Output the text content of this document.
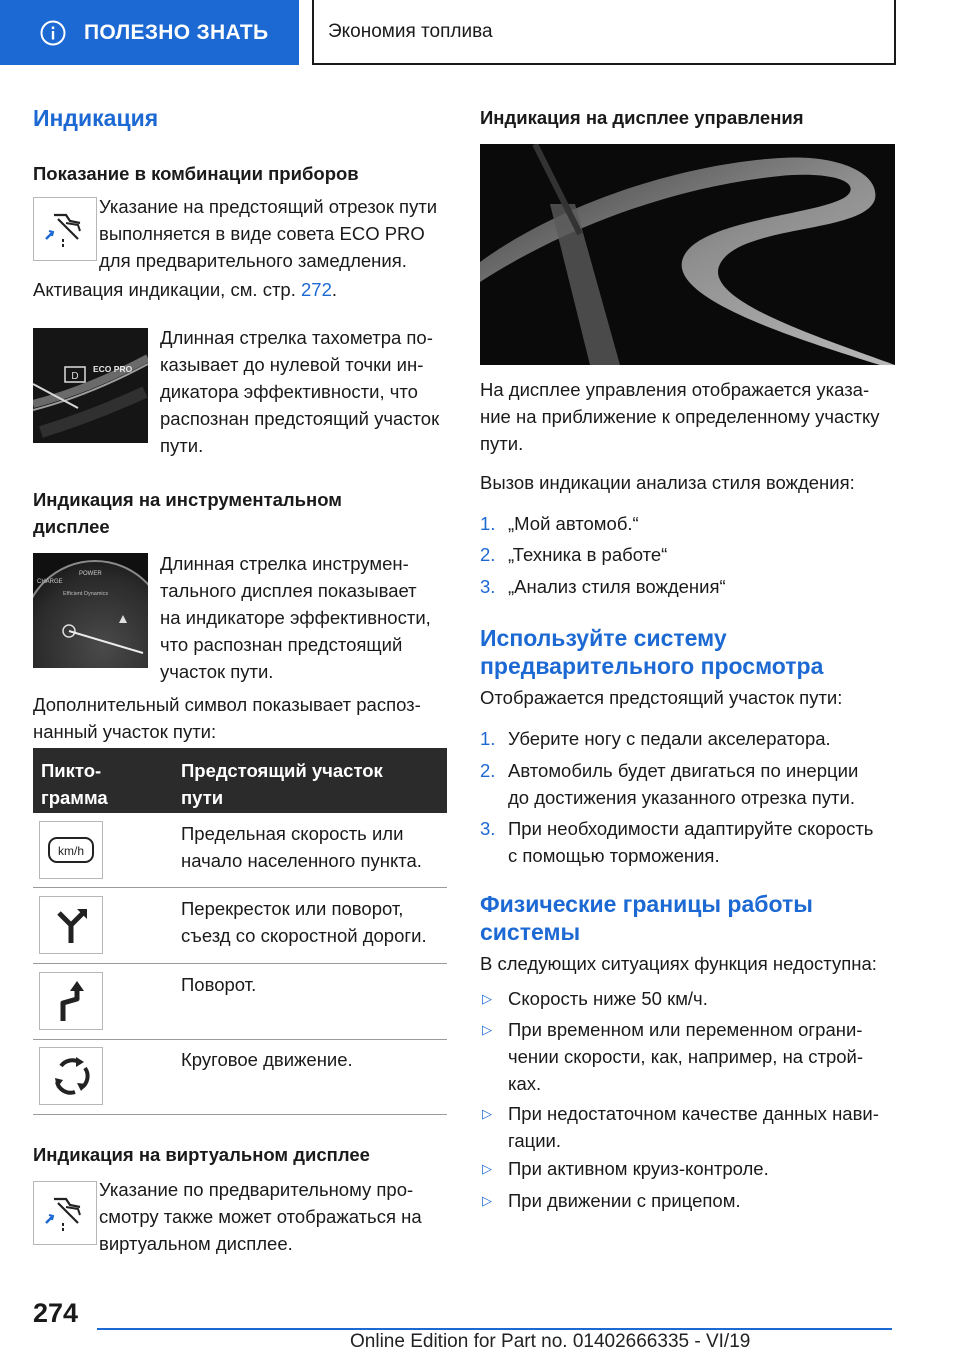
ПОЛЕЗНО ЗНАТЬ	Экономия топлива
Индикация
Показание в комбинации приборов
Указание на предстоящий отрезок пути
выполняется в виде совета ECO PRO
для предварительного замедления.
Активация индикации, см. стр. 272.
D
ECO PRO
Длинная стрелка тахометра по-
казывает до нулевой точки ин-
дикатора эффективности, что
распознан предстоящий участок
пути.
Индикация на инструментальном
дисплее
CHARGE
POWER
Efficient Dynamics
Длинная стрелка инструмен-
тального дисплея показывает
на индикаторе эффективности,
что распознан предстоящий
участок пути.
Дополнительный символ показывает распоз-
нанный участок пути:
Пикто-
грамма
Предстоящий участок
пути
km/h
Предельная скорость или
начало населенного пункта.
Перекресток или поворот,
съезд со скоростной дороги.
Поворот.
Круговое движение.
Индикация на виртуальном дисплее
Указание по предварительному про-
смотру также может отображаться на
виртуальном дисплее.
Индикация на дисплее управления
На дисплее управления отображается указа-
ние на приближение к определенному участку
пути.
Вызов индикации анализа стиля вождения:
1. „Мой автомоб.“
2. „Техника в работе“
3. „Анализ стиля вождения“
Используйте систему
предварительного просмотра
Отображается предстоящий участок пути:
1. Уберите ногу с педали акселератора.
2. Автомобиль будет двигаться по инерции
до достижения указанного отрезка пути.
3. При необходимости адаптируйте скорость
с помощью торможения.
Физические границы работы
системы
В следующих ситуациях функция недоступна:
▷ Скорость ниже 50 км/ч.
▷ При временном или переменном ограни-
чении скорости, как, например, на строй-
ках.
▷ При недостаточном качестве данных нави-
гации.
▷ При активном круиз-контроле.
▷ При движении с прицепом.
274
Online Edition for Part no. 01402666335 - VI/19
